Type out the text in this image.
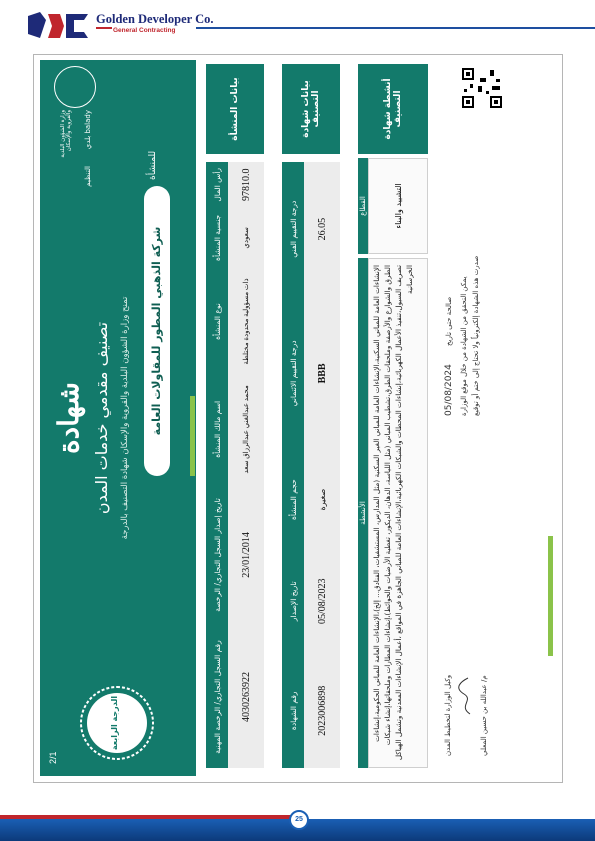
Golden Developer Co.
General Contracting
2/1
شهادة تصنيف مقدمي خدمات المدن تمنح وزارة الشؤون البلدية والقروية والإسكان شهادة التصنيف بالدرجة	شركة الذهبي المطور للمقاولات العامة
للمنشأة
الدرجة الرابعة
وزارة الشؤون البلدية والقروية والإسكان بلدي balady
التنظيم
بيانات المنشأة
رقم السجل التجاري/ الرخصة المهنية	تاريخ إصدار السجل التجاري/ الرخصة	اسم مالك المنشأة	نوع المنشأة	جنسية المنشأة	رأس المال
4030263922	23/01/2014	محمد عبدالغني عبدالرزاق سعد	ذات مسؤولية محدودة مختلطة	سعودي	97810.0
بيانات شهادة التصنيف
رقم الشهادة	تاريخ الإصدار	حجم المنشأة	درجة التقييم الائتماني	درجة التقييم الفني
2023006898	05/08/2023	صغيرة	BBB	26.05
أنشطة شهادة التصنيف
الأنشطة الإنشاءات العامة للمباني السكنية،الإنشاءات العامة للمباني الغير السكنية (مثل المدارس، المستشفيات، الفنادق... إلخ)،الإنشاءات العامة للمباني الحكومية،إنشاءات الطرق والشوارع والأرصفة وملحقات الطرق،تشطيب المباني (مثل اللياسة، الدهان، الديكور، تغطية الأرضيات والحوائط)،إنشاءات المطارات وملحقاتها،إنشاء شبكات تصريف السيول،تنفيذ الأعمال الكهربائية،إنشاءات المحطات والشبكات الكهربائية،الإنشاءات العامة للمباني الجاهزة في المواقع ،أعمال الإنشاءات المعدنية وتشمل الهياكل الخرسانية
القطاع	التشييد والبناء
05/08/2024
صالحة حتى تاريخ يمكن التحقق من الشهادة من خلال موقع الوزارة صدرت هذه الشهادة إلكترونياً ولا تحتاج إلى ختم أو توقيع
وكيل الوزارة لتخطيط المدن	م/ عبدالله بن حسين المعلي
25
